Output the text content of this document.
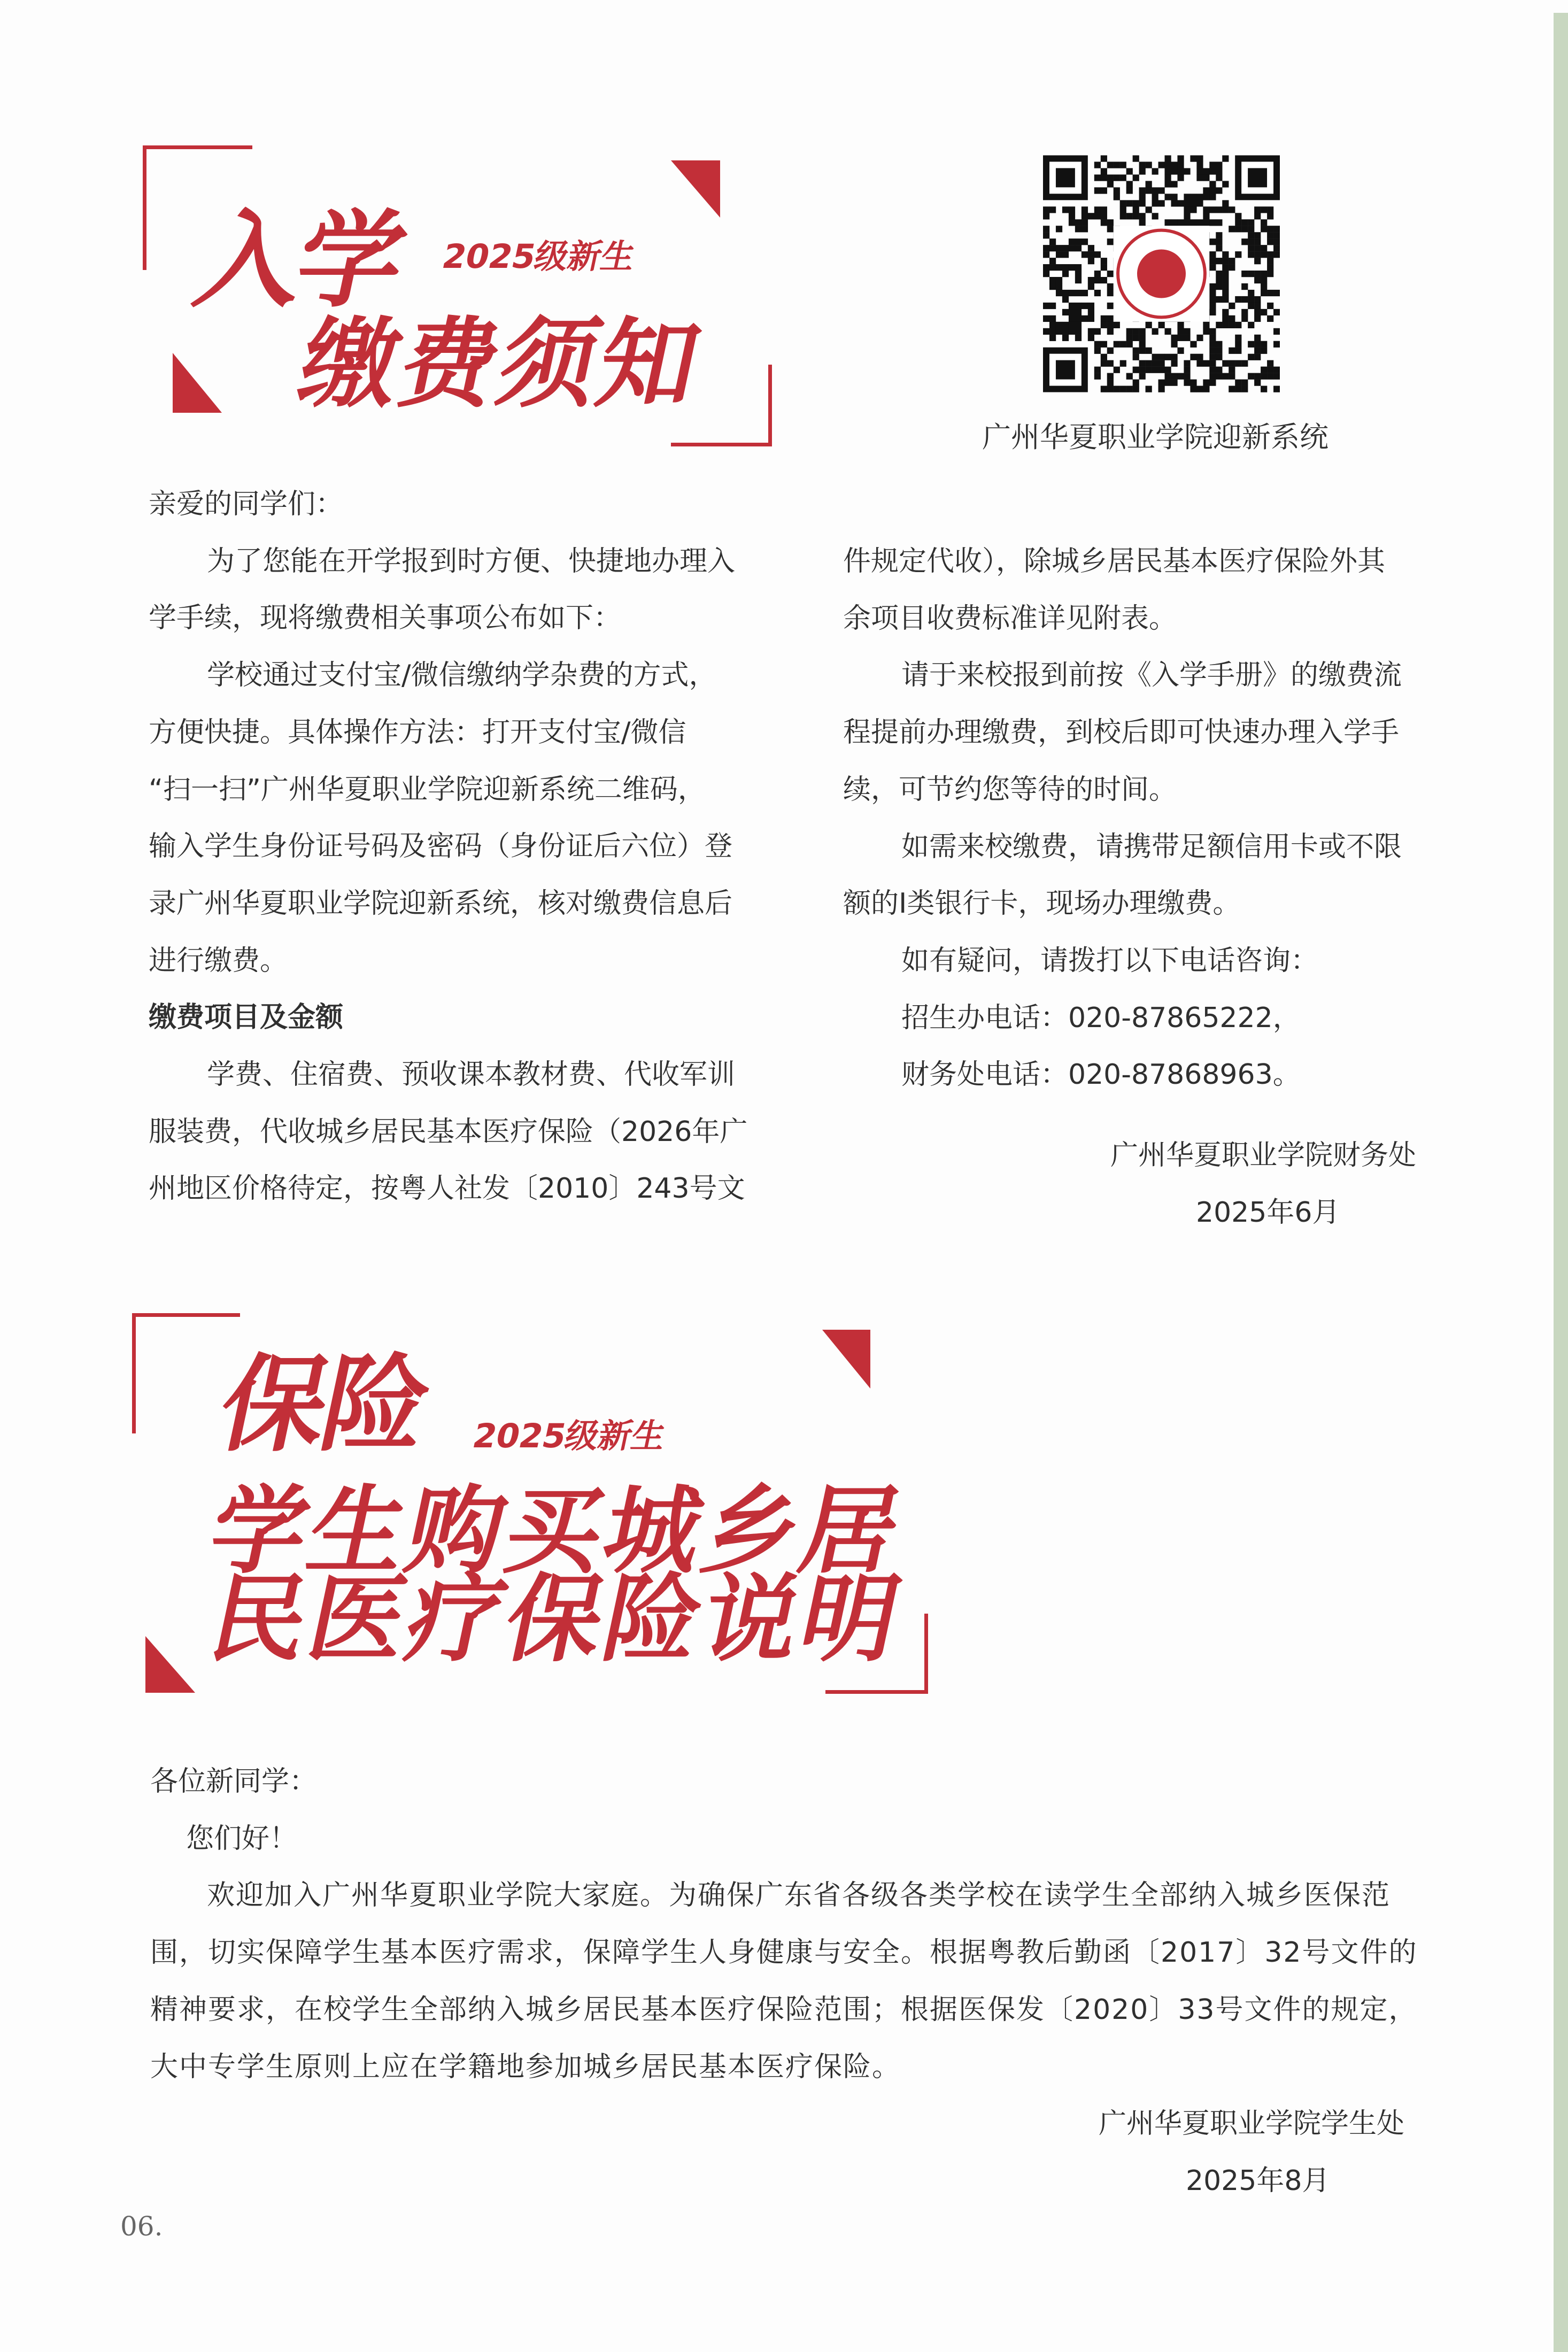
入学 2025级新生
缴费须知
广州华夏职业学院迎新系统
亲爱的同学们：
为了您能在开学报到时方便、快捷地办理入
学手续，现将缴费相关事项公布如下：
学校通过支付宝/微信缴纳学杂费的方式，
方便快捷。具体操作方法：打开支付宝/微信
“扫一扫”广州华夏职业学院迎新系统二维码，
输入学生身份证号码及密码（身份证后六位）登
录广州华夏职业学院迎新系统，核对缴费信息后
进行缴费。
缴费项目及金额
学费、住宿费、预收课本教材费、代收军训
服装费，代收城乡居民基本医疗保险（2026年广
州地区价格待定，按粤人社发〔2010〕243号文
件规定代收），除城乡居民基本医疗保险外其
余项目收费标准详见附表。
请于来校报到前按《入学手册》的缴费流
程提前办理缴费，到校后即可快速办理入学手
续，可节约您等待的时间。
如需来校缴费，请携带足额信用卡或不限
额的Ⅰ类银行卡，现场办理缴费。
如有疑问，请拨打以下电话咨询：
招生办电话：020-87865222，
财务处电话：020-87868963。
广州华夏职业学院财务处
2025年6月
保险 2025级新生
学生购买城乡居
民医疗保险说明
各位新同学：
您们好！
欢迎加入广州华夏职业学院大家庭。为确保广东省各级各类学校在读学生全部纳入城乡医保范
围，切实保障学生基本医疗需求，保障学生人身健康与安全。根据粤教后勤函〔2017〕32号文件的
精神要求，在校学生全部纳入城乡居民基本医疗保险范围；根据医保发〔2020〕33号文件的规定，
大中专学生原则上应在学籍地参加城乡居民基本医疗保险。
广州华夏职业学院学生处
2025年8月
06.
